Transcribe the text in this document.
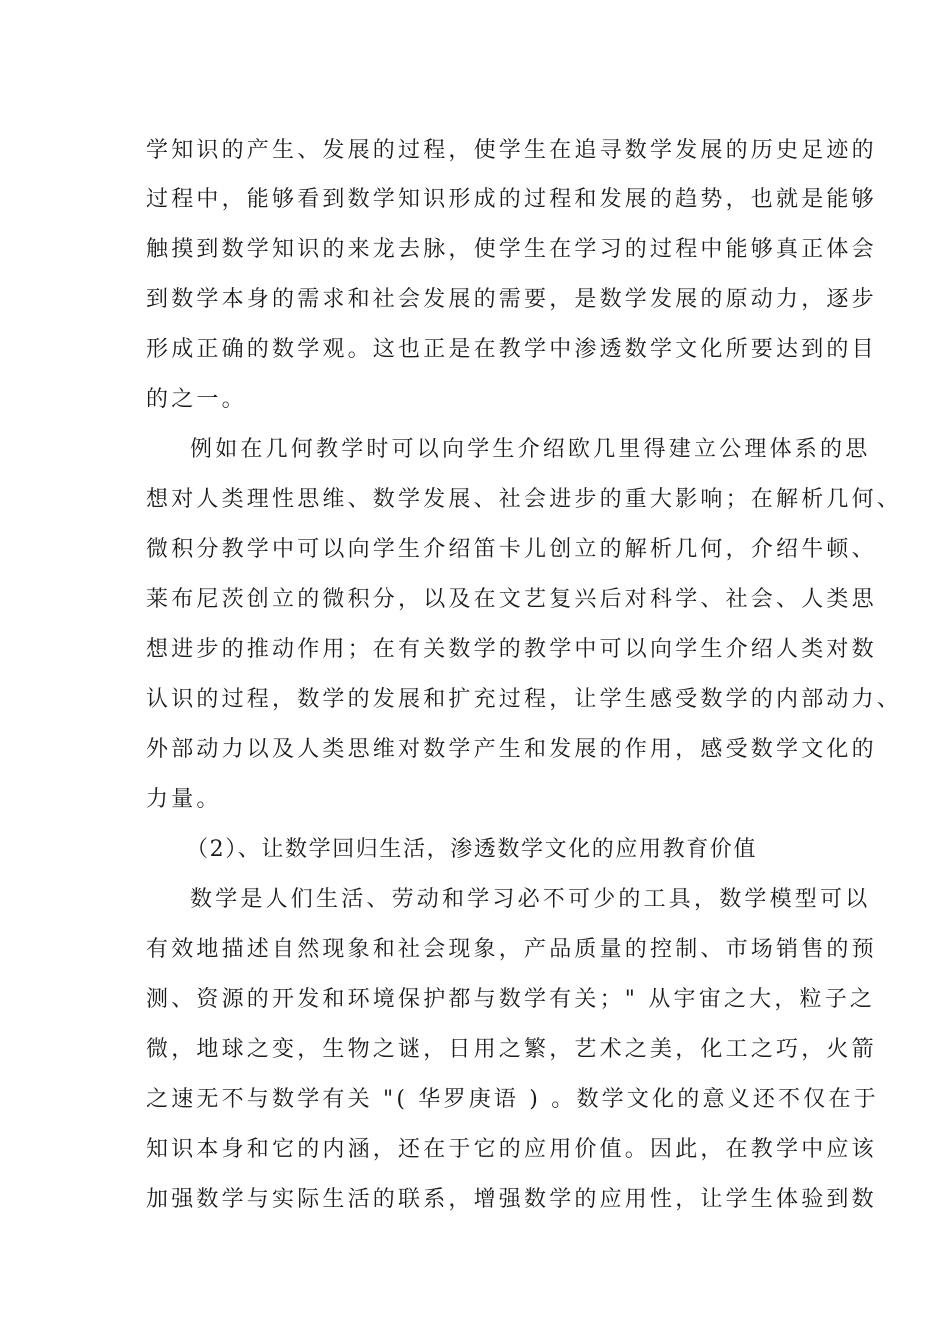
学知识的产生、发展的过程，使学生在追寻数学发展的历史足迹的
过程中，能够看到数学知识形成的过程和发展的趋势，也就是能够
触摸到数学知识的来龙去脉，使学生在学习的过程中能够真正体会
到数学本身的需求和社会发展的需要，是数学发展的原动力，逐步
形成正确的数学观。这也正是在教学中渗透数学文化所要达到的目
的之一。
例如在几何教学时可以向学生介绍欧几里得建立公理体系的思
想对人类理性思维、数学发展、社会进步的重大影响；在解析几何、
微积分教学中可以向学生介绍笛卡儿创立的解析几何，介绍牛顿、
莱布尼茨创立的微积分，以及在文艺复兴后对科学、社会、人类思
想进步的推动作用；在有关数学的教学中可以向学生介绍人类对数
认识的过程，数学的发展和扩充过程，让学生感受数学的内部动力、
外部动力以及人类思维对数学产生和发展的作用，感受数学文化的
力量。
（2）、让数学回归生活，渗透数学文化的应用教育价值
数学是人们生活、劳动和学习必不可少的工具，数学模型可以
有效地描述自然现象和社会现象，产品质量的控制、市场销售的预
测、资源的开发和环境保护都与数学有关；" 从宇宙之大，粒子之
微，地球之变，生物之谜，日用之繁，艺术之美，化工之巧，火箭
之速无不与数学有关 "( 华罗庚语 ) 。数学文化的意义还不仅在于
知识本身和它的内涵，还在于它的应用价值。因此，在教学中应该
加强数学与实际生活的联系，增强数学的应用性，让学生体验到数
